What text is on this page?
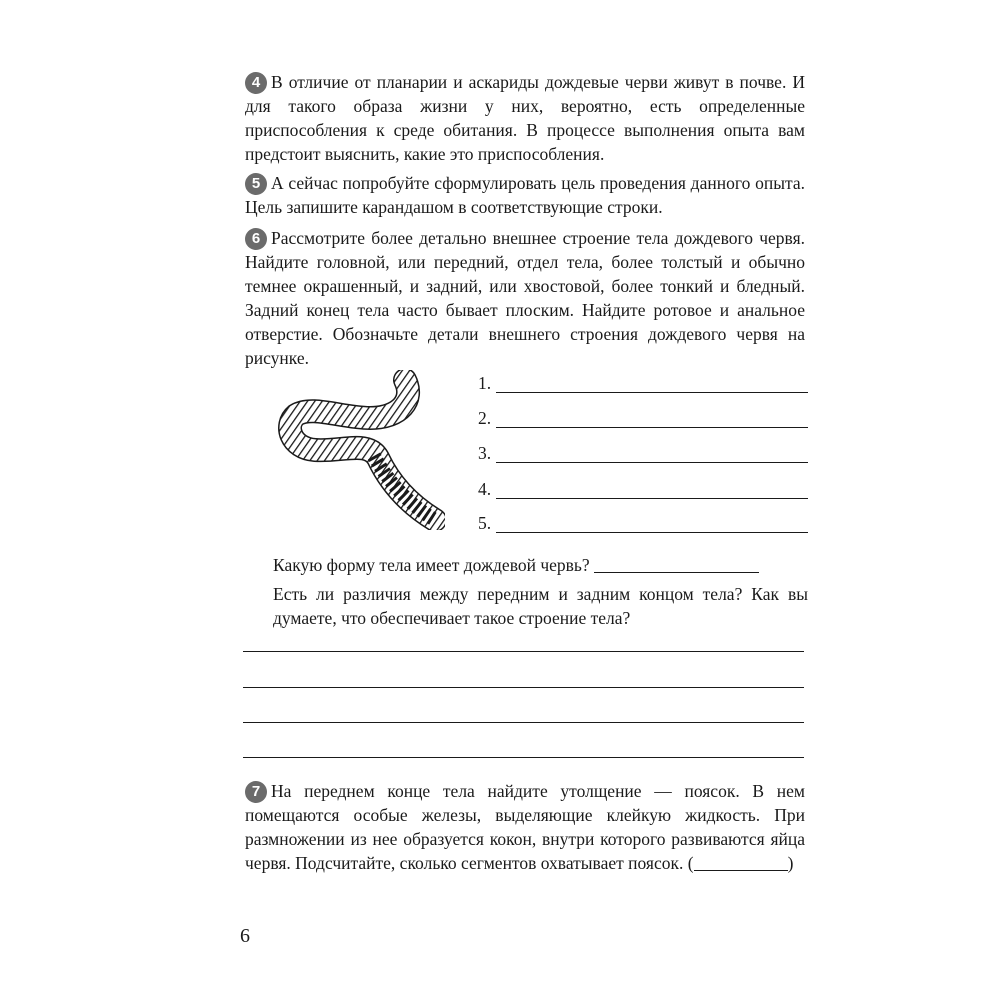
4 В отличие от планарии и аскариды дождевые черви живут в почве. И для такого образа жизни у них, вероятно, есть определенные приспособления к среде обитания. В процессе выполнения опыта вам предстоит выяснить, какие это приспособления.

5 А сейчас попробуйте сформулировать цель проведения данного опыта. Цель запишите карандашом в соответствующие строки.

6 Рассмотрите более детально внешнее строение тела дождевого червя. Найдите головной, или передний, отдел тела, более толстый и обычно темнее окрашенный, и задний, или хвостовой, более тонкий и бледный. Задний конец тела часто бывает плоским. Найдите ротовое и анальное отверстие. Обозначьте детали внешнего строения дождевого червя на рисунке.

1.
2.
3.
4.
5.

Какую форму тела имеет дождевой червь?

Есть ли различия между передним и задним концом тела? Как вы думаете, что обеспечивает такое строение тела?

7 На переднем конце тела найдите утолщение — поясок. В нем помещаются особые железы, выделяющие клейкую жидкость. При размножении из нее образуется кокон, внутри которого развиваются яйца червя. Подсчитайте, сколько сегментов охватывает поясок. (	)

6
